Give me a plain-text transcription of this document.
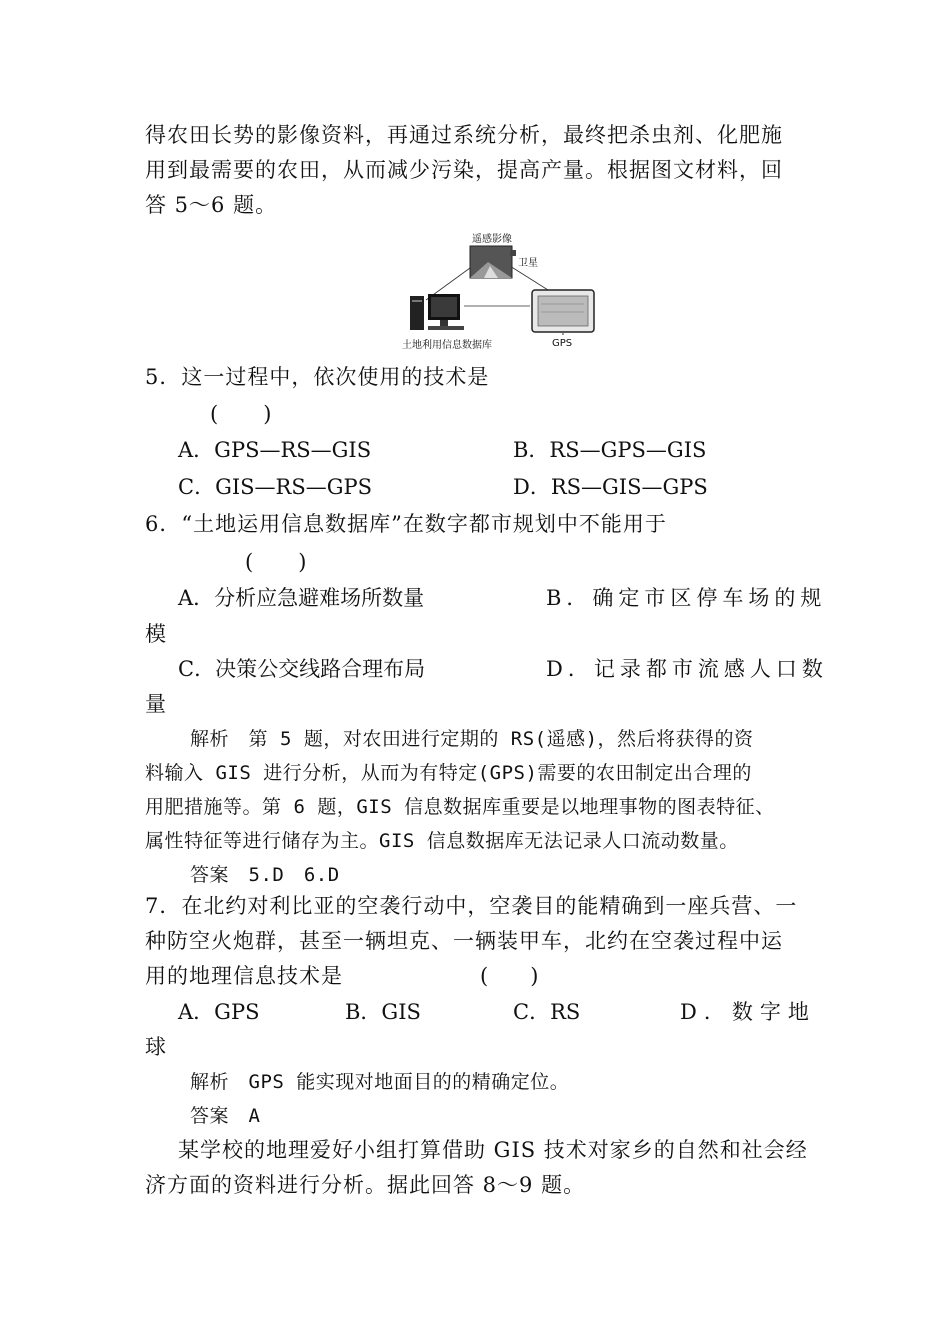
得农田长势的影像资料，再通过系统分析，最终把杀虫剂、化肥施
用到最需要的农田，从而减少污染，提高产量。根据图文材料，回
答 5～6 题。
遥感影像
卫星
土地利用信息数据库	GPS
5．这一过程中，依次使用的技术是
(　　)
A．GPS—RS—GIS	B．RS—GPS—GIS
C．GIS—RS—GPS	D．RS—GIS—GPS
6．“土地运用信息数据库”在数字都市规划中不能用于
(　　)
A．分析应急避难场所数量	B．确定市区停车场的规
模
C．决策公交线路合理布局	D．记录都市流感人口数
量
解析　第 5 题，对农田进行定期的 RS(遥感)，然后将获得的资
料输入 GIS 进行分析，从而为有特定(GPS)需要的农田制定出合理的
用肥措施等。第 6 题，GIS 信息数据库重要是以地理事物的图表特征、
属性特征等进行储存为主。GIS 信息数据库无法记录人口流动数量。
答案　5.D　6.D
7．在北约对利比亚的空袭行动中，空袭目的能精确到一座兵营、一
种防空火炮群，甚至一辆坦克、一辆装甲车，北约在空袭过程中运
用的地理信息技术是	(　　)
A．GPS	B．GIS	C．RS	D．数字地
球
解析　GPS 能实现对地面目的的精确定位。
答案　A
某学校的地理爱好小组打算借助 GIS 技术对家乡的自然和社会经
济方面的资料进行分析。据此回答 8～9 题。
